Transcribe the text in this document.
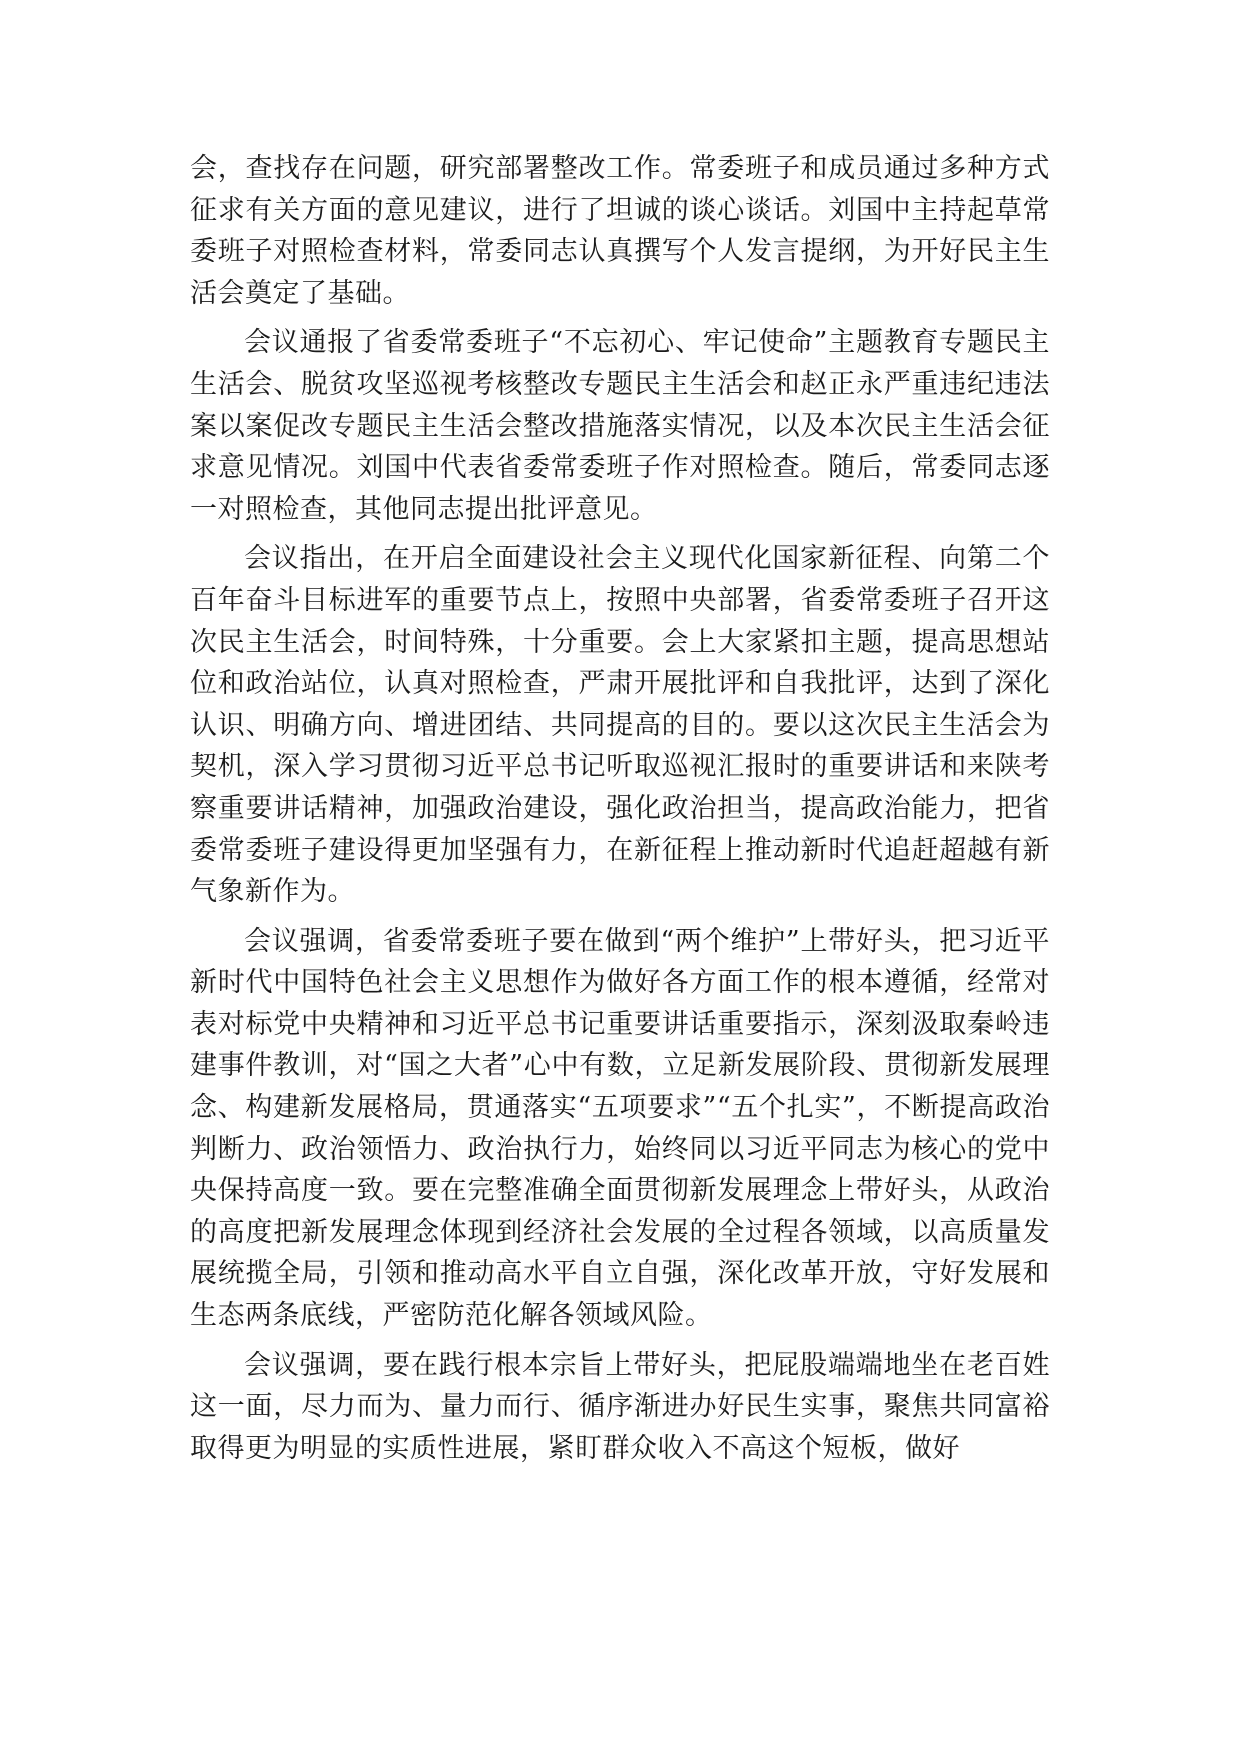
会，查找存在问题，研究部署整改工作。常委班子和成员通过多种方式征求有关方面的意见建议，进行了坦诚的谈心谈话。刘国中主持起草常委班子对照检查材料，常委同志认真撰写个人发言提纲，为开好民主生活会奠定了基础。

会议通报了省委常委班子“不忘初心、牢记使命”主题教育专题民主生活会、脱贫攻坚巡视考核整改专题民主生活会和赵正永严重违纪违法案以案促改专题民主生活会整改措施落实情况，以及本次民主生活会征求意见情况。刘国中代表省委常委班子作对照检查。随后，常委同志逐一对照检查，其他同志提出批评意见。

会议指出，在开启全面建设社会主义现代化国家新征程、向第二个百年奋斗目标进军的重要节点上，按照中央部署，省委常委班子召开这次民主生活会，时间特殊，十分重要。会上大家紧扣主题，提高思想站位和政治站位，认真对照检查，严肃开展批评和自我批评，达到了深化认识、明确方向、增进团结、共同提高的目的。要以这次民主生活会为契机，深入学习贯彻习近平总书记听取巡视汇报时的重要讲话和来陕考察重要讲话精神，加强政治建设，强化政治担当，提高政治能力，把省委常委班子建设得更加坚强有力，在新征程上推动新时代追赶超越有新气象新作为。

会议强调，省委常委班子要在做到“两个维护”上带好头，把习近平新时代中国特色社会主义思想作为做好各方面工作的根本遵循，经常对表对标党中央精神和习近平总书记重要讲话重要指示，深刻汲取秦岭违建事件教训，对“国之大者”心中有数，立足新发展阶段、贯彻新发展理念、构建新发展格局，贯通落实“五项要求”“五个扎实”，不断提高政治判断力、政治领悟力、政治执行力，始终同以习近平同志为核心的党中央保持高度一致。要在完整准确全面贯彻新发展理念上带好头，从政治的高度把新发展理念体现到经济社会发展的全过程各领域，以高质量发展统揽全局，引领和推动高水平自立自强，深化改革开放，守好发展和生态两条底线，严密防范化解各领域风险。

会议强调，要在践行根本宗旨上带好头，把屁股端端地坐在老百姓这一面，尽力而为、量力而行、循序渐进办好民生实事，聚焦共同富裕取得更为明显的实质性进展，紧盯群众收入不高这个短板，做好
